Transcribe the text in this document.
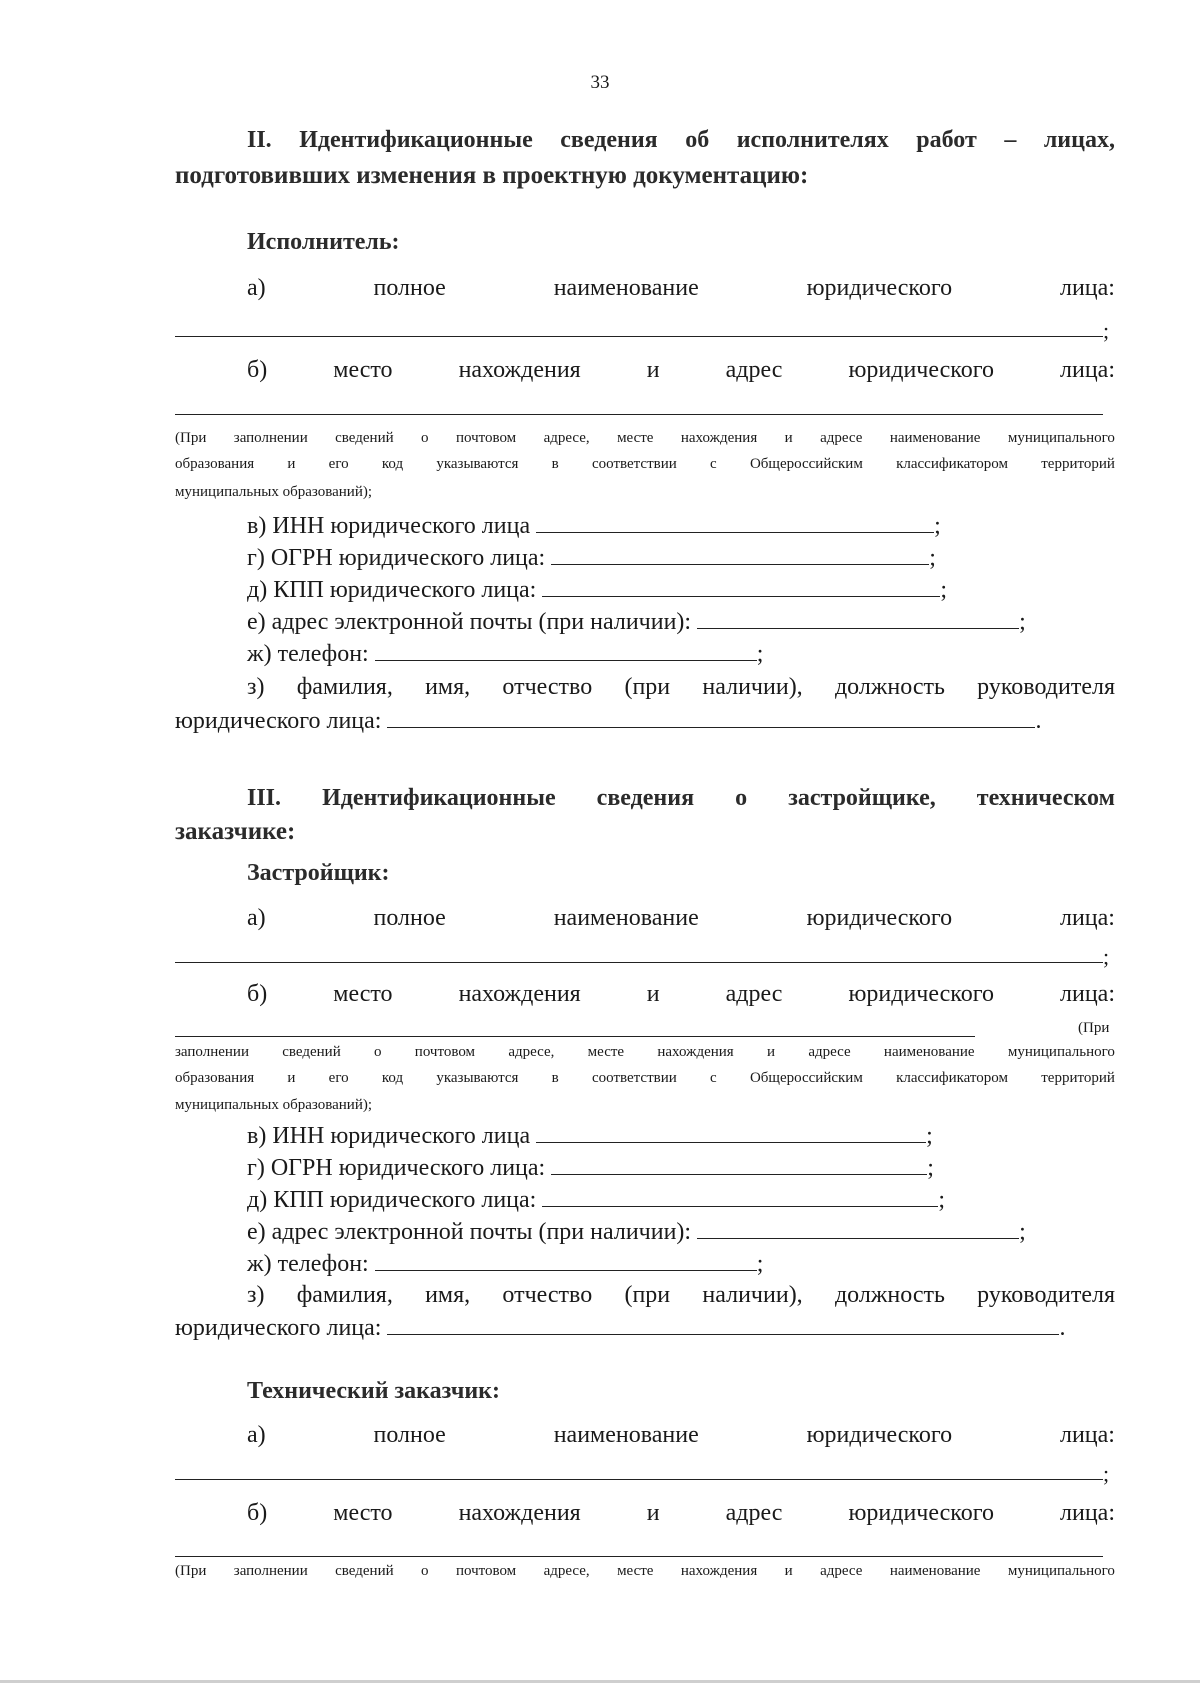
33
II. Идентификационные сведения об исполнителях работ – лицах,
подготовивших изменения в проектную документацию:
Исполнитель:
а)	полное	наименование	юридического	лица:
;
б)	место	нахождения	и	адрес	юридического	лица:
(При заполнении сведений о почтовом адресе, месте нахождения и адресе наименование муниципального
образования и его код указываются в соответствии с Общероссийским классификатором территорий
муниципальных образований);
в) ИНН юридического лица	;
г) ОГРН юридического лица:	;
д) КПП юридического лица:	;
е) адрес электронной почты (при наличии):	;
ж) телефон:	;
з) фамилия, имя, отчество (при наличии), должность руководителя
юридического лица:	.
III. Идентификационные сведения о застройщике, техническом
заказчике:
Застройщик:
а)	полное	наименование	юридического	лица:
;
б)	место	нахождения	и	адрес	юридического	лица:
(При
заполнении сведений о почтовом адресе, месте нахождения и адресе наименование муниципального
образования и его код указываются в соответствии с Общероссийским классификатором территорий
муниципальных образований);
в) ИНН юридического лица	;
г) ОГРН юридического лица:	;
д) КПП юридического лица:	;
е) адрес электронной почты (при наличии):	;
ж) телефон:	;
з) фамилия, имя, отчество (при наличии), должность руководителя
юридического лица:	.
Технический заказчик:
а)	полное	наименование	юридического	лица:
;
б)	место	нахождения	и	адрес	юридического	лица:
(При заполнении сведений о почтовом адресе, месте нахождения и адресе наименование муниципального
